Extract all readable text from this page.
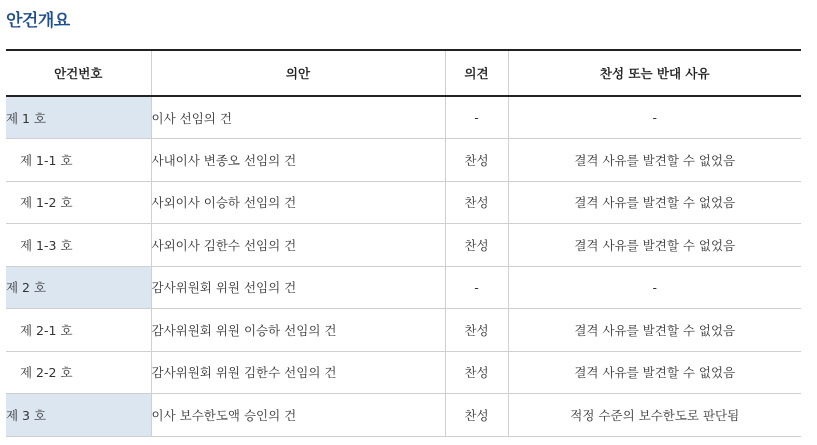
안건개요
안건번호	의안	의견	찬성 또는 반대 사유
제 1 호	이사 선임의 건	-	-
제 1-1 호	사내이사 변종오 선임의 건	찬성	결격 사유를 발견할 수 없었음
제 1-2 호	사외이사 이승하 선임의 건	찬성	결격 사유를 발견할 수 없었음
제 1-3 호	사외이사 김한수 선임의 건	찬성	결격 사유를 발견할 수 없었음
제 2 호	감사위원회 위원 선임의 건	-	-
제 2-1 호	감사위원회 위원 이승하 선임의 건	찬성	결격 사유를 발견할 수 없었음
제 2-2 호	감사위원회 위원 김한수 선임의 건	찬성	결격 사유를 발견할 수 없었음
제 3 호	이사 보수한도액 승인의 건	찬성	적정 수준의 보수한도로 판단됨
